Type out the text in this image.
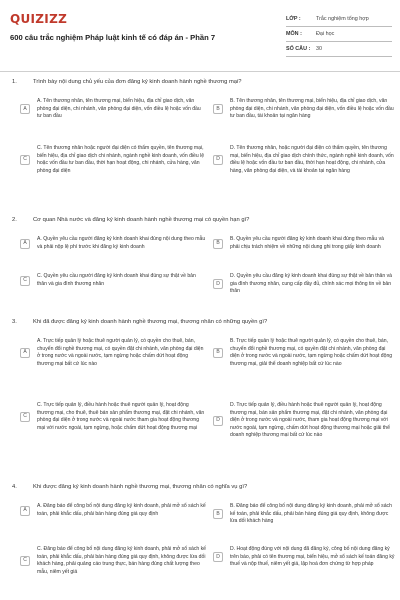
QUIZIZZ
600 câu trắc nghiệm Pháp luật kinh tế có đáp án - Phần 7
LỚP :	Trắc nghiệm tổng hợp
MÔN :	Đại học
SỐ CÂU :	30
1.	Trình bày nội dung chủ yếu của đơn đăng ký kinh doanh hành nghề thương mại?
A
A. Tên thương nhân, tên thương mại, biển hiệu, địa chỉ giao dịch, văn phòng đại diện, chi nhánh, văn phòng đại diện, vốn điều lệ hoặc vốn đầu tư ban đầu
B
B. Tên thương nhân, tên thương mại, biển hiệu, địa chỉ giao dịch, văn phòng đại diện, chi nhánh, văn phòng đại diện, vốn điều lệ hoặc vốn đầu tư ban đầu, tài khoản tại ngân hàng
C
C. Tên thương nhân hoặc người đại diện có thẩm quyền, tên thương mại, biển hiệu, địa chỉ giao dịch chi nhánh, ngành nghề kinh doanh, vốn điều lệ hoặc vốn đầu tư ban đầu, thời hạn hoạt động, chi nhánh, cửa hàng, văn phòng đại diện
D
D. Tên thương nhân, hoặc người đại điện có thẩm quyền, tên thương mại, biển hiệu, địa chỉ giao dịch chính thức, ngành nghề kinh doanh, vốn điều lệ hoặc vốn đầu tư ban đầu, thời hạn hoạt động, chi nhánh, cửa hàng, văn phòng đại diện, và tài khoản tại ngân hàng
2.	Cơ quan Nhà nước và đăng ký kinh doanh hành nghề thương mại có quyền hạn gì?
A
A. Quyền yêu cầu người đăng ký kinh doanh khai đúng nội dung theo mẫu và phải nộp lệ phí trước khi đăng ký kinh doanh
B
B. Quyền yêu cầu người đăng ký kinh doanh khai đúng theo mẫu và phải chịu trách nhiệm về những nội dung ghi trong giấy kinh doanh
C
C. Quyền yêu cầu người đăng ký kinh doanh khai đúng sự thật về bản thân và gia đình thương nhân	D
D. Quyền yêu cầu đăng ký kinh doanh khai đúng sự thật về bản thân và gia đình thương nhân, cung cấp đầy đủ, chính xác mọi thông tin về bản thân
3.	Khi đã được đăng ký kinh doanh hành nghề thương mại, thương nhân có những quyền gì?
A
A. Trực tiếp quản lý hoặc thuê người quản lý, có quyền cho thuê, bán, chuyển đổi nghề thương mại, có quyền đặt chi nhánh, văn phòng đại diện ở trong nước và ngoài nước, tạm ngừng hoặc chấm dứt hoạt động thương mại bất cứ lúc nào
B
B. Trực tiếp quản lý hoặc thuê người quản lý, có quyền cho thuê, bán, chuyển đổi nghề thương mại, có quyền đặt chi nhánh, văn phòng đại diện ở trong nước và ngoài nước, tạm ngừng hoặc chấm dứt hoạt động thương mại, giải thể doanh nghiệp bất cứ lúc nào
C
C. Trực tiếp quản lý, điều hành hoặc thuê người quản lý, hoạt động thương mại, cho thuê, thuê bán sản phẩm thương mại, đặt chi nhánh, văn phòng đại diện ở trong nước và ngoài nước tham gia hoạt động thương mại với nước ngoài, tạm ngừng, hoặc chấm dứt hoạt động thương mại
D
D. Trực tiếp quản lý, điều hành hoặc thuê người quản lý, hoạt động thương mại, bán sản phẩm thương mại, đặt chi nhánh, văn phòng đại diện ở trong nước và ngoài nước, tham gia hoạt động thương mại với nước ngoài, tạm ngừng, chấm dứt hoạt động thương mại hoặc giải thể doanh nghiệp thương mại bất cứ lúc nào
4.	Khi được đăng ký kinh doanh hành nghề thương mại, thương nhân có nghĩa vụ gì?
A
A. Đăng báo để công bố nội dung đăng ký kinh doanh, phải mở sổ sách kế toán, phải khắc dấu, phải bán hàng đúng giá quy định	B
B. Đăng báo để công bố nội dung đăng ký kinh doanh, phải mở sổ sách kế toán, phải khắc dấu, phải bán hàng đúng giá quy định, không được lừa dối khách hàng
C
C. Đăng báo để công bố nội dung đăng ký kinh doanh, phải mở sổ sách kế toán, phải khắc dấu, phải bán hàng đúng giá quy định, không được lừa dối khách hàng, phải quảng cáo trung thực, bán hàng đúng chất lượng theo mẫu, niêm yết giá
D
D. Hoạt động đúng với nội dung đã đăng ký, công bố nội dung đăng ký trên báo, phải có tên thương mại, biển hiệu, mở sổ sách kế toán đăng ký thuế và nộp thuế, niêm yết giá, lập hoá đơn chứng từ hợp pháp
